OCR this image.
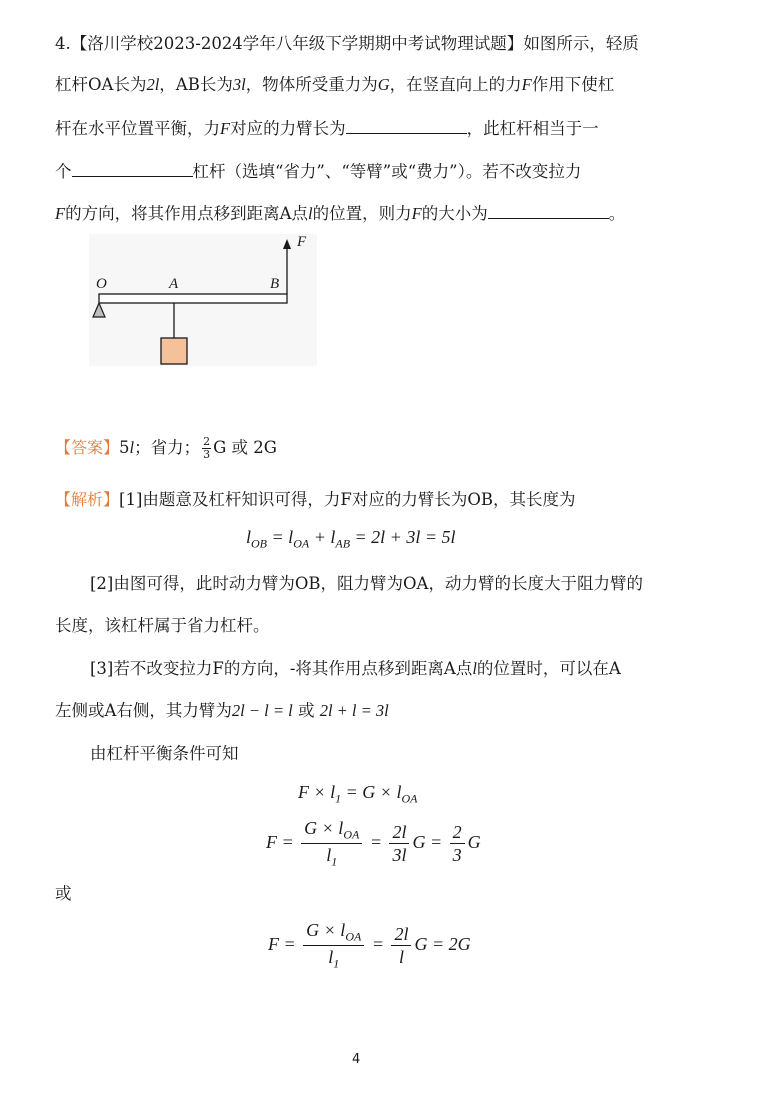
4.【洛川学校2023-2024学年八年级下学期期中考试物理试题】如图所示，轻质
杠杆OA长为2l，AB长为3l，物体所受重力为G，在竖直向上的力F作用下使杠
杆在水平位置平衡，力F对应的力臂长为	，此杠杆相当于一
个	杠杆（选填“省力”、“等臂”或“费力”）。若不改变拉力
F的方向，将其作用点移到距离A点l的位置，则力F的大小为	。
O	A	B
F
【答案】5l；省力； $\frac{2}{3}$ G 或 2G
【解析】[1]由题意及杠杆知识可得，力F对应的力臂长为OB，其长度为
$l_{OB} = l_{OA} + l_{AB} = 2l + 3l = 5l$
[2]由图可得，此时动力臂为OB，阻力臂为OA，动力臂的长度大于阻力臂的
长度，该杠杆属于省力杠杆。
[3]若不改变拉力F的方向，-将其作用点移到距离A点l的位置时，可以在A
左侧或A右侧，其力臂为2l − l = l 或 2l + l = 3l
由杠杆平衡条件可知
$F \times l_1 = G \times l_{OA}$
$F = \frac{G \times l_{OA}}{l_1} = \frac{2l}{3l}$ $G = \frac{2}{3}$ G
或
$F = \frac{G \times l_{OA}}{l_1} = \frac{2l}{l}$ G = 2G
4
